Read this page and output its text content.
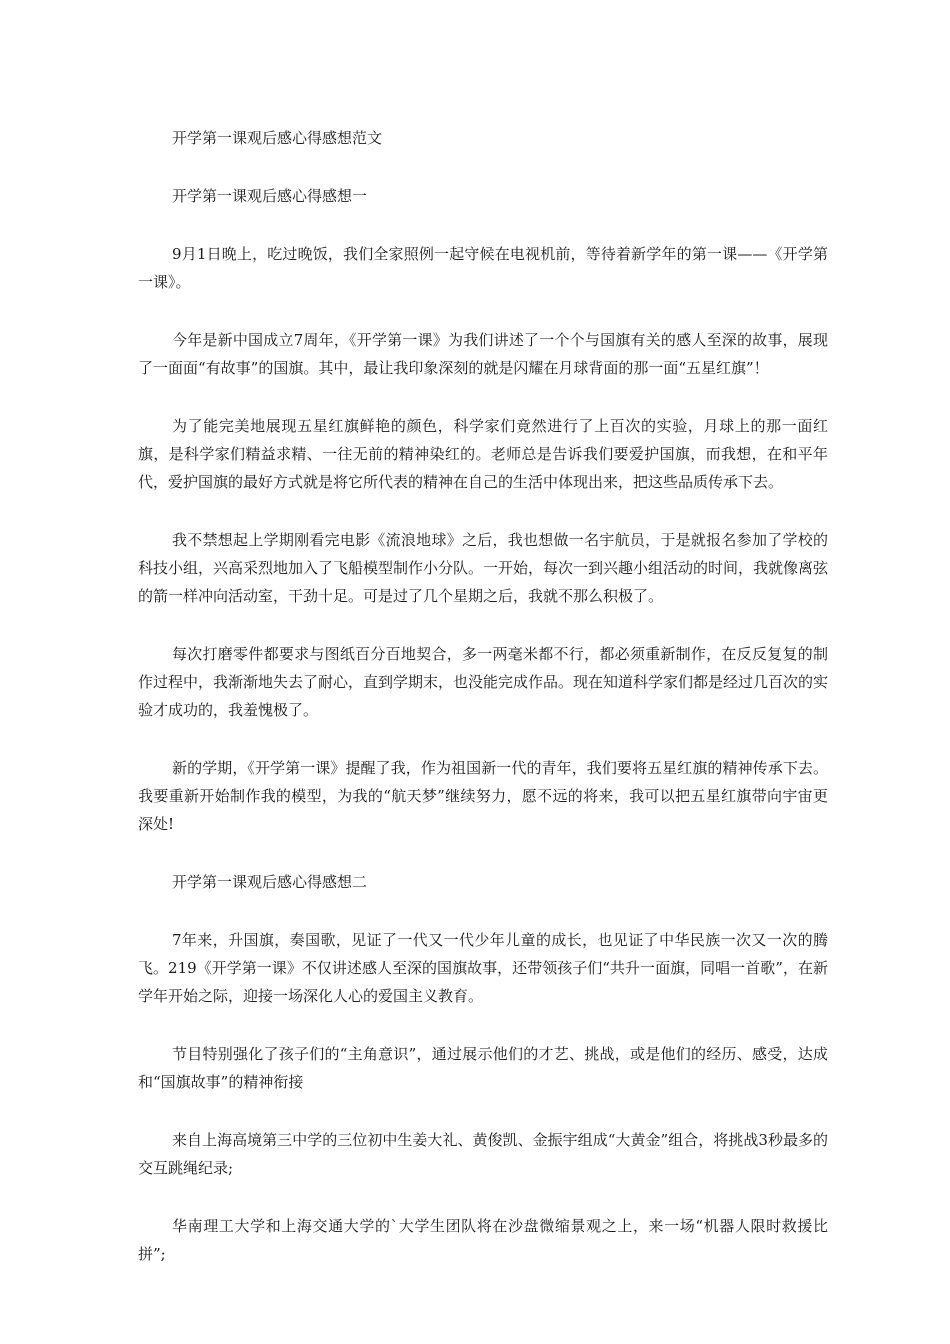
开学第一课观后感心得感想范文

开学第一课观后感心得感想一

9月1日晚上，吃过晚饭，我们全家照例一起守候在电视机前，等待着新学年的第一课——《开学第一课》。

今年是新中国成立7周年，《开学第一课》为我们讲述了一个个与国旗有关的感人至深的故事，展现了一面面“有故事”的国旗。其中，最让我印象深刻的就是闪耀在月球背面的那一面“五星红旗”！

为了能完美地展现五星红旗鲜艳的颜色，科学家们竟然进行了上百次的实验，月球上的那一面红旗，是科学家们精益求精、一往无前的精神染红的。老师总是告诉我们要爱护国旗，而我想，在和平年代，爱护国旗的最好方式就是将它所代表的精神在自己的生活中体现出来，把这些品质传承下去。

我不禁想起上学期刚看完电影《流浪地球》之后，我也想做一名宇航员，于是就报名参加了学校的科技小组，兴高采烈地加入了飞船模型制作小分队。一开始，每次一到兴趣小组活动的时间，我就像离弦的箭一样冲向活动室，干劲十足。可是过了几个星期之后，我就不那么积极了。

每次打磨零件都要求与图纸百分百地契合，多一两毫米都不行，都必须重新制作，在反反复复的制作过程中，我渐渐地失去了耐心，直到学期末，也没能完成作品。现在知道科学家们都是经过几百次的实验才成功的，我羞愧极了。

新的学期，《开学第一课》提醒了我，作为祖国新一代的青年，我们要将五星红旗的精神传承下去。我要重新开始制作我的模型，为我的“航天梦”继续努力，愿不远的将来，我可以把五星红旗带向宇宙更深处!

开学第一课观后感心得感想二

7年来，升国旗，奏国歌，见证了一代又一代少年儿童的成长，也见证了中华民族一次又一次的腾飞。219《开学第一课》不仅讲述感人至深的国旗故事，还带领孩子们“共升一面旗，同唱一首歌”，在新学年开始之际，迎接一场深化人心的爱国主义教育。

节目特别强化了孩子们的“主角意识”，通过展示他们的才艺、挑战，或是他们的经历、感受，达成和“国旗故事”的精神衔接

来自上海高境第三中学的三位初中生姜大礼、黄俊凯、金振宇组成“大黄金”组合，将挑战3秒最多的交互跳绳纪录;

华南理工大学和上海交通大学的`大学生团队将在沙盘微缩景观之上，来一场“机器人限时救援比拼”;
